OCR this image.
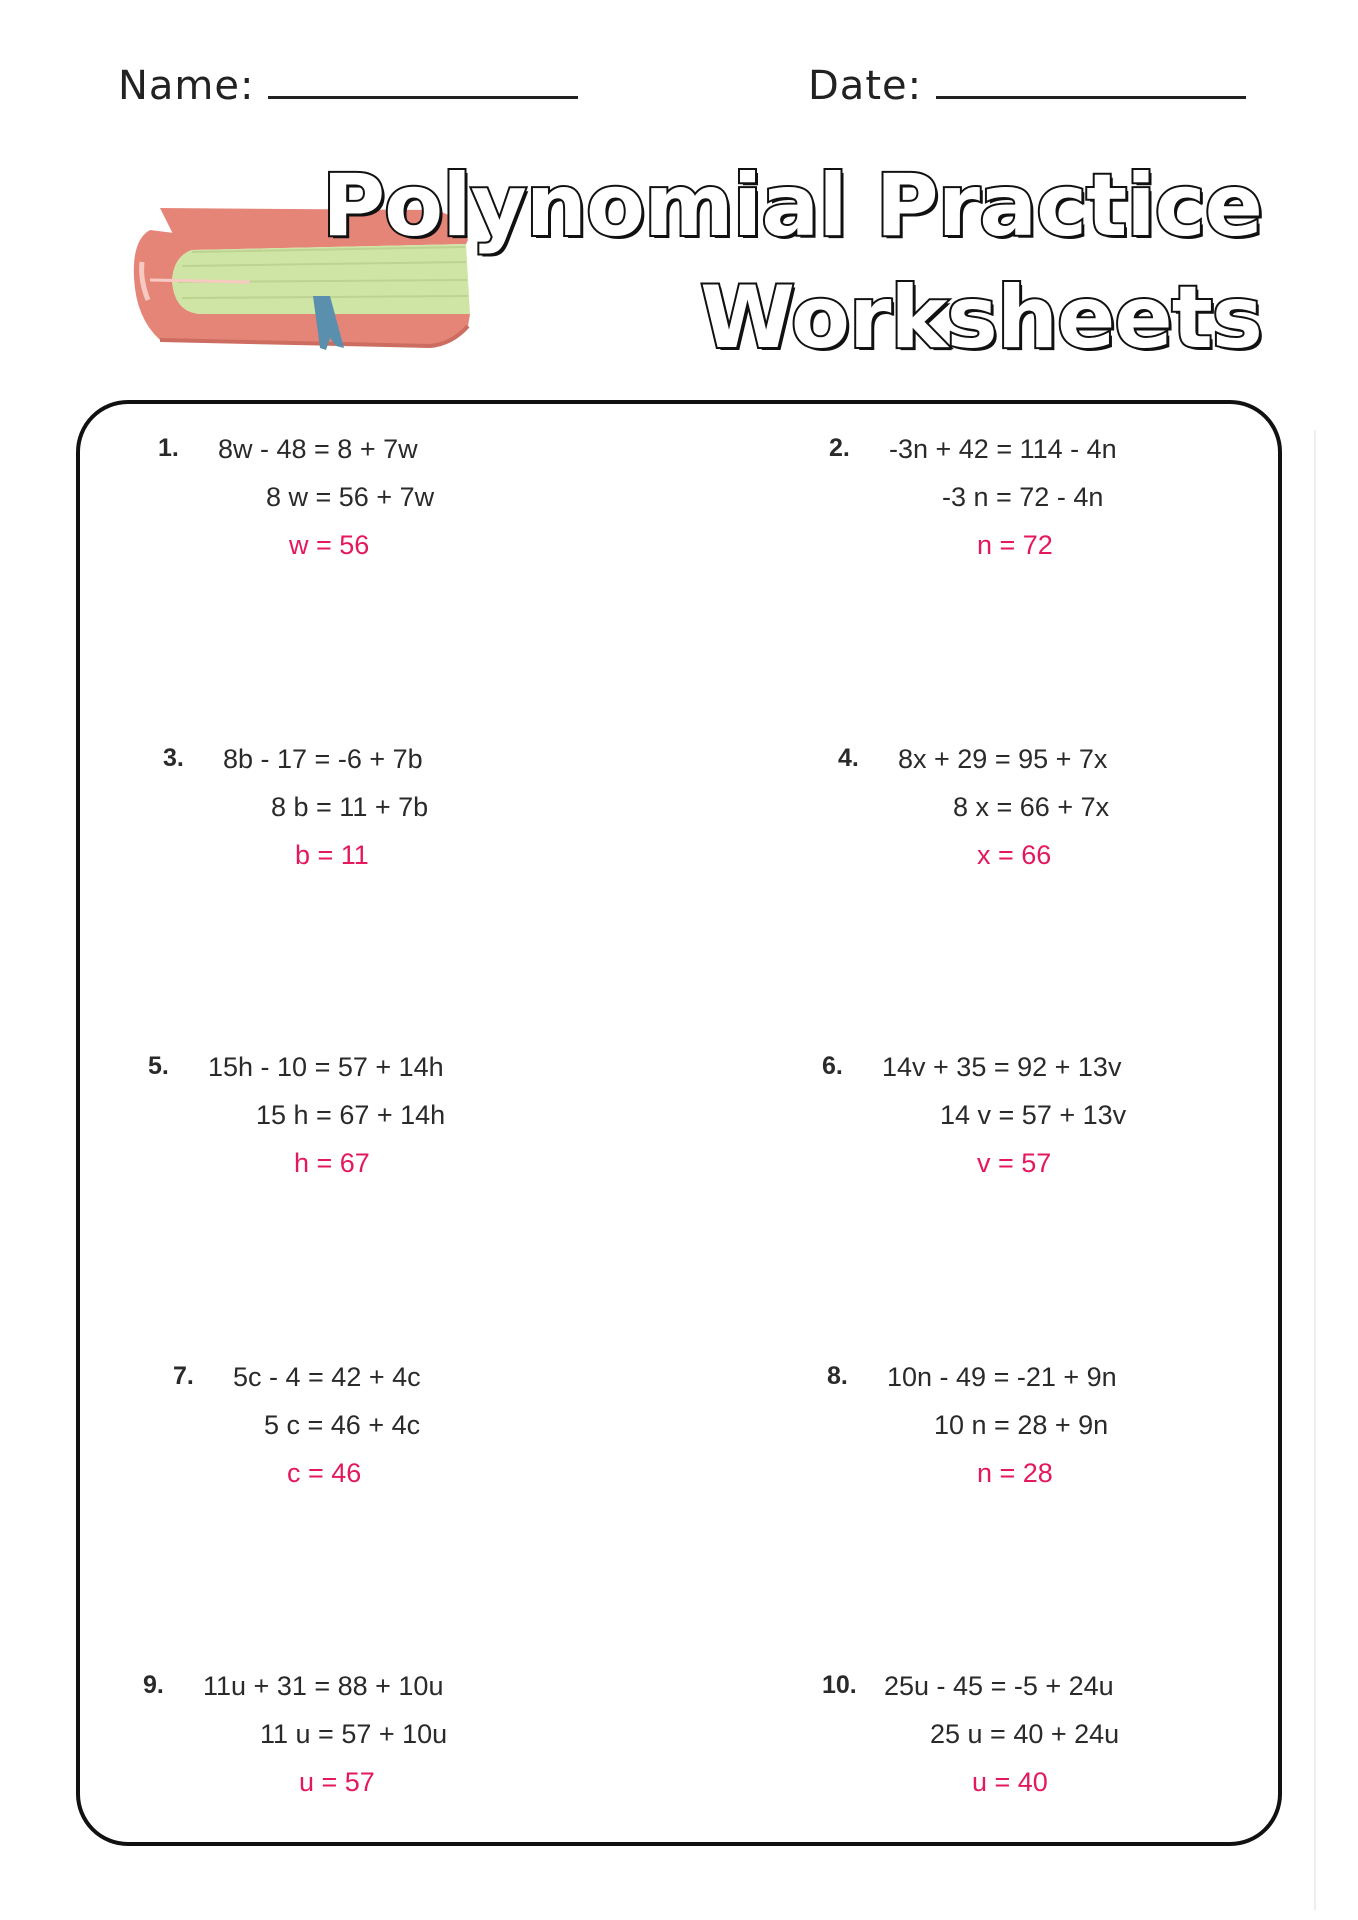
Name:	Date:
Polynomial Practice
Worksheets
1. 8w - 48 = 8 + 7w
8 w = 56 + 7w
w = 56
2. -3n + 42 = 114 - 4n
-3 n = 72 - 4n
n = 72
3. 8b - 17 = -6 + 7b
8 b = 11 + 7b
b = 11
4. 8x + 29 = 95 + 7x
8 x = 66 + 7x
x = 66
5. 15h - 10 = 57 + 14h
15 h = 67 + 14h
h = 67
6. 14v + 35 = 92 + 13v
14 v = 57 + 13v
v = 57
7. 5c - 4 = 42 + 4c
5 c = 46 + 4c
c = 46
8. 10n - 49 = -21 + 9n
10 n = 28 + 9n
n = 28
9. 11u + 31 = 88 + 10u
11 u = 57 + 10u
u = 57
10. 25u - 45 = -5 + 24u
25 u = 40 + 24u
u = 40
